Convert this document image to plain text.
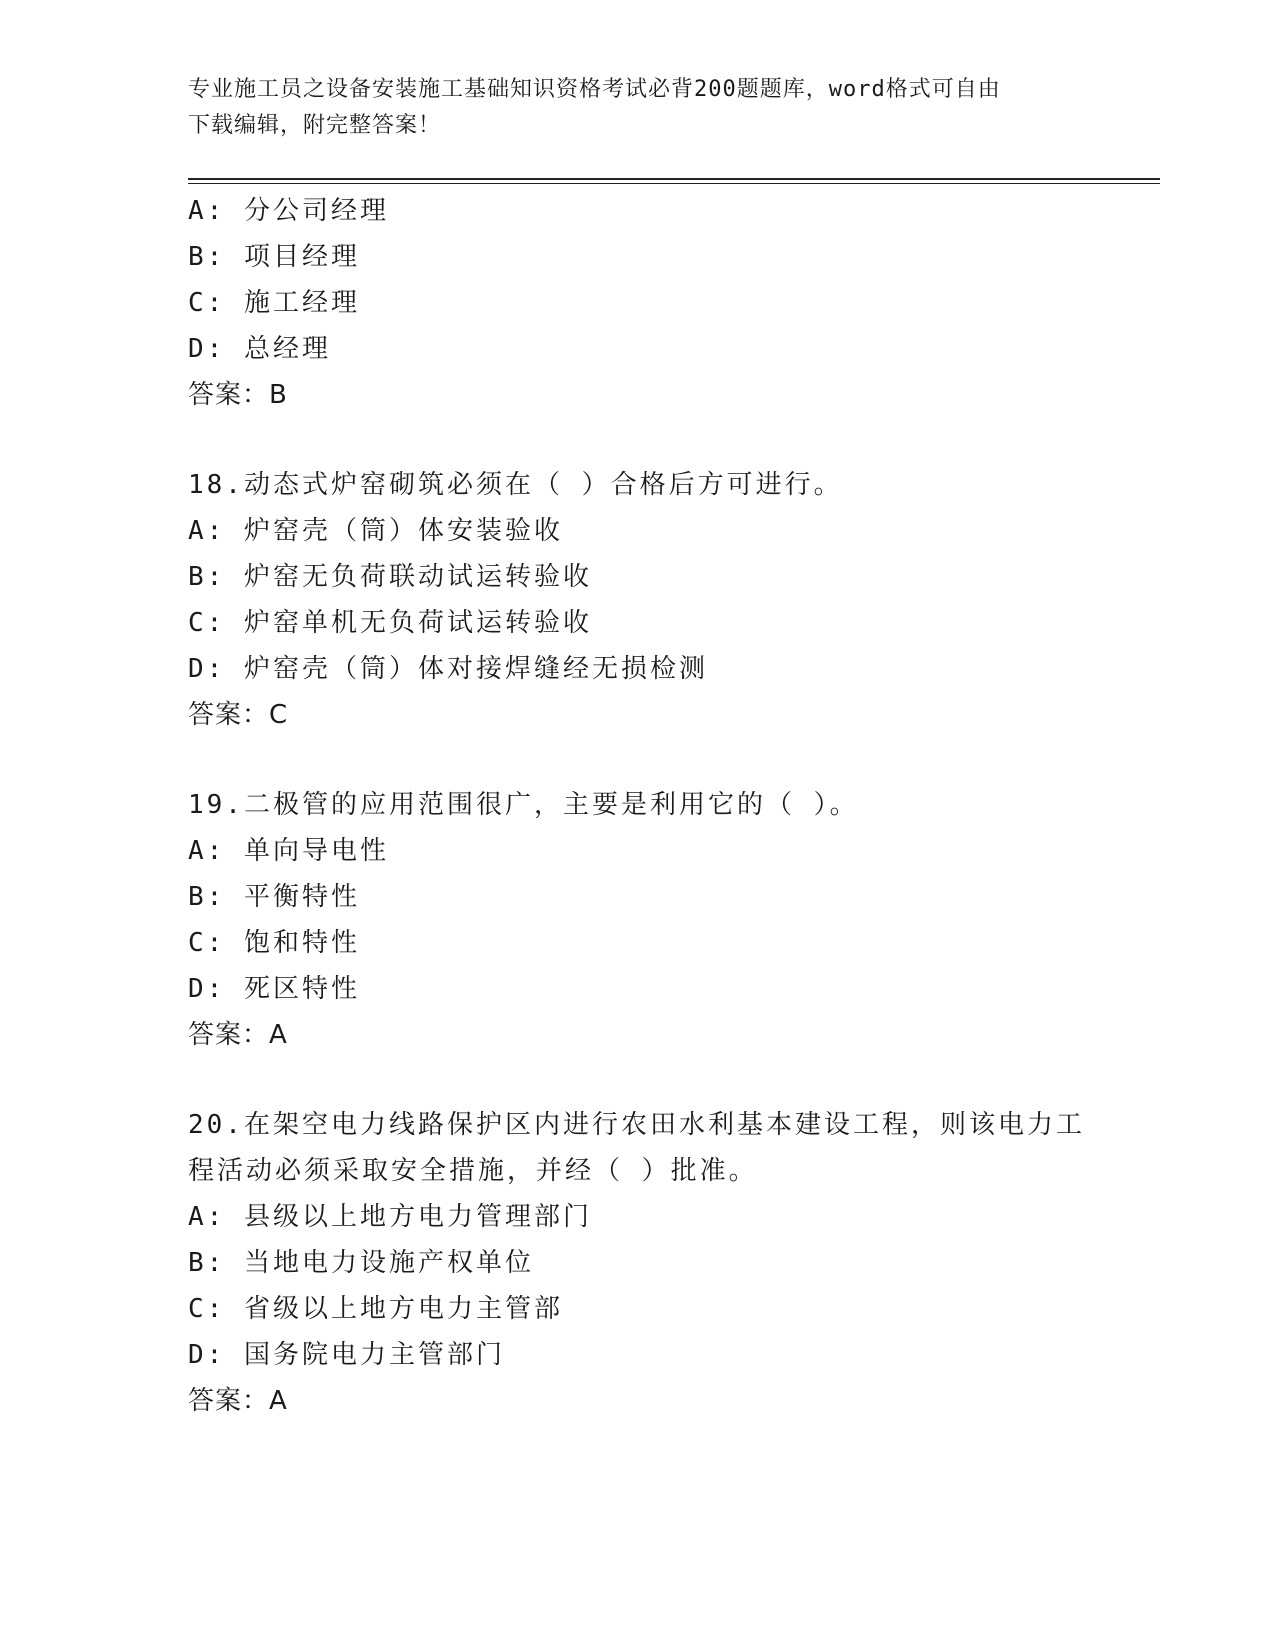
专业施工员之设备安装施工基础知识资格考试必背200题题库，word格式可自由
下载编辑，附完整答案！
A: 分公司经理
B: 项目经理
C: 施工经理
D: 总经理
答案：B
18.动态式炉窑砌筑必须在（ ）合格后方可进行。
A: 炉窑壳（筒）体安装验收
B: 炉窑无负荷联动试运转验收
C: 炉窑单机无负荷试运转验收
D: 炉窑壳（筒）体对接焊缝经无损检测
答案：C
19.二极管的应用范围很广，主要是利用它的（ ）。
A: 单向导电性
B: 平衡特性
C: 饱和特性
D: 死区特性
答案：A
20.在架空电力线路保护区内进行农田水利基本建设工程，则该电力工
程活动必须采取安全措施，并经（ ）批准。
A: 县级以上地方电力管理部门
B: 当地电力设施产权单位
C: 省级以上地方电力主管部
D: 国务院电力主管部门
答案：A
